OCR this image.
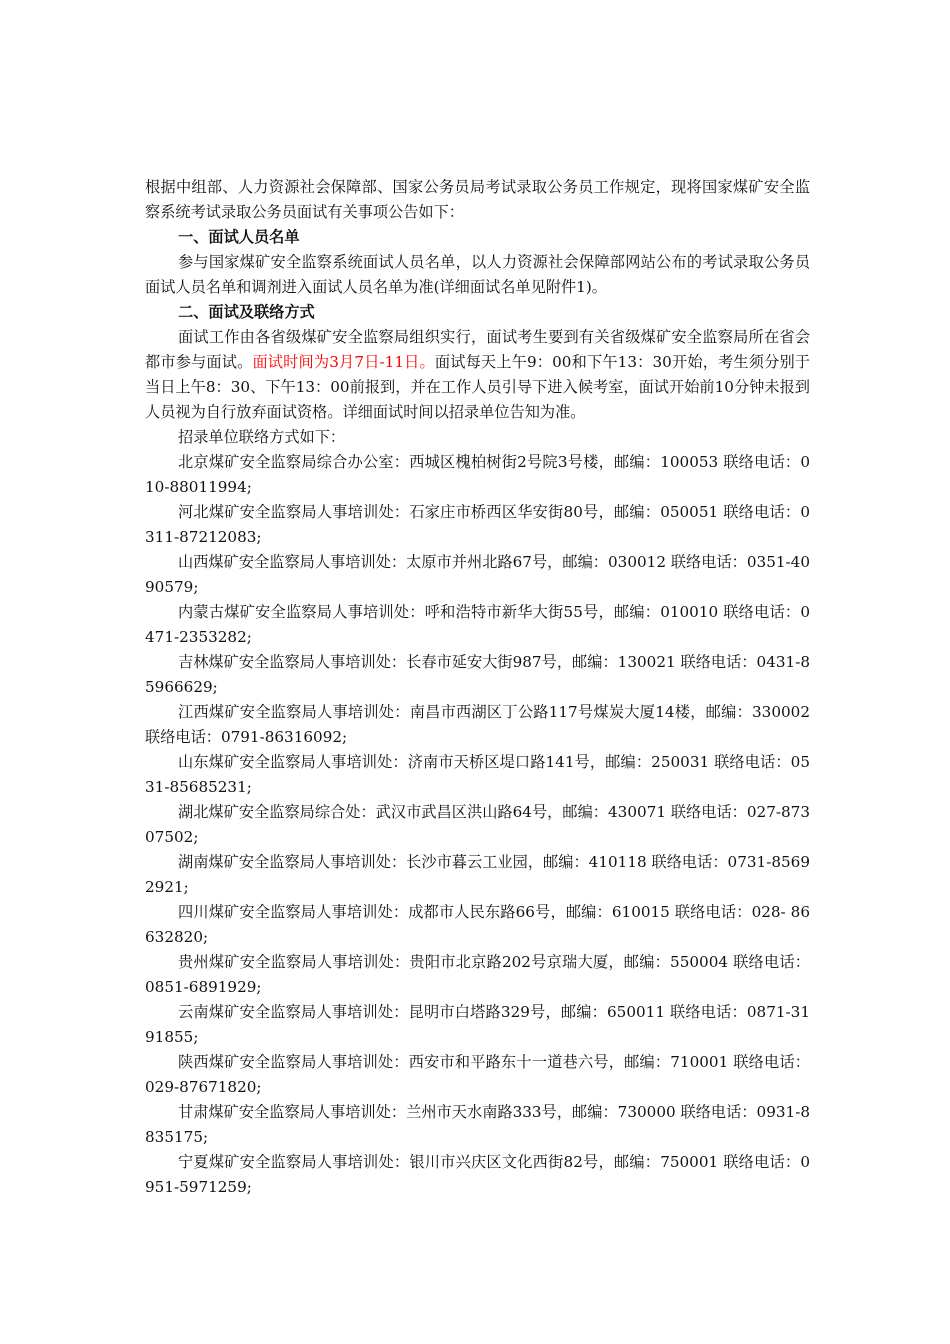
根据中组部、人力资源社会保障部、国家公务员局考试录取公务员工作规定，现将国家煤矿安全监察系统考试录取公务员面试有关事项公告如下：

一、面试人员名单

参与国家煤矿安全监察系统面试人员名单，以人力资源社会保障部网站公布的考试录取公务员面试人员名单和调剂进入面试人员名单为准(详细面试名单见附件1)。

二、面试及联络方式

面试工作由各省级煤矿安全监察局组织实行，面试考生要到有关省级煤矿安全监察局所在省会都市参与面试。面试时间为3月7日-11日。面试每天上午9：00和下午13：30开始，考生须分别于当日上午8：30、下午13：00前报到，并在工作人员引导下进入候考室，面试开始前10分钟未报到人员视为自行放弃面试资格。详细面试时间以招录单位告知为准。

招录单位联络方式如下：

北京煤矿安全监察局综合办公室：西城区槐柏树街2号院3号楼，邮编：100053 联络电话：010-88011994;

河北煤矿安全监察局人事培训处：石家庄市桥西区华安街80号，邮编：050051 联络电话：0311-87212083;

山西煤矿安全监察局人事培训处：太原市并州北路67号，邮编：030012 联络电话：0351-4090579;

内蒙古煤矿安全监察局人事培训处：呼和浩特市新华大街55号，邮编：010010 联络电话：0471-2353282;

吉林煤矿安全监察局人事培训处：长春市延安大街987号，邮编：130021 联络电话：0431-85966629;

江西煤矿安全监察局人事培训处：南昌市西湖区丁公路117号煤炭大厦14楼，邮编：330002 联络电话：0791-86316092;

山东煤矿安全监察局人事培训处：济南市天桥区堤口路141号，邮编：250031 联络电话：0531-85685231;

湖北煤矿安全监察局综合处：武汉市武昌区洪山路64号，邮编：430071 联络电话：027-87307502;

湖南煤矿安全监察局人事培训处：长沙市暮云工业园，邮编：410118 联络电话：0731-85692921;

四川煤矿安全监察局人事培训处：成都市人民东路66号，邮编：610015 联络电话：028- 86632820;

贵州煤矿安全监察局人事培训处：贵阳市北京路202号京瑞大厦，邮编：550004 联络电话：0851-6891929;

云南煤矿安全监察局人事培训处：昆明市白塔路329号，邮编：650011 联络电话：0871-3191855;

陕西煤矿安全监察局人事培训处：西安市和平路东十一道巷六号，邮编：710001 联络电话：029-87671820;

甘肃煤矿安全监察局人事培训处：兰州市天水南路333号，邮编：730000 联络电话：0931-8835175;

宁夏煤矿安全监察局人事培训处：银川市兴庆区文化西街82号，邮编：750001 联络电话：0951-5971259;
